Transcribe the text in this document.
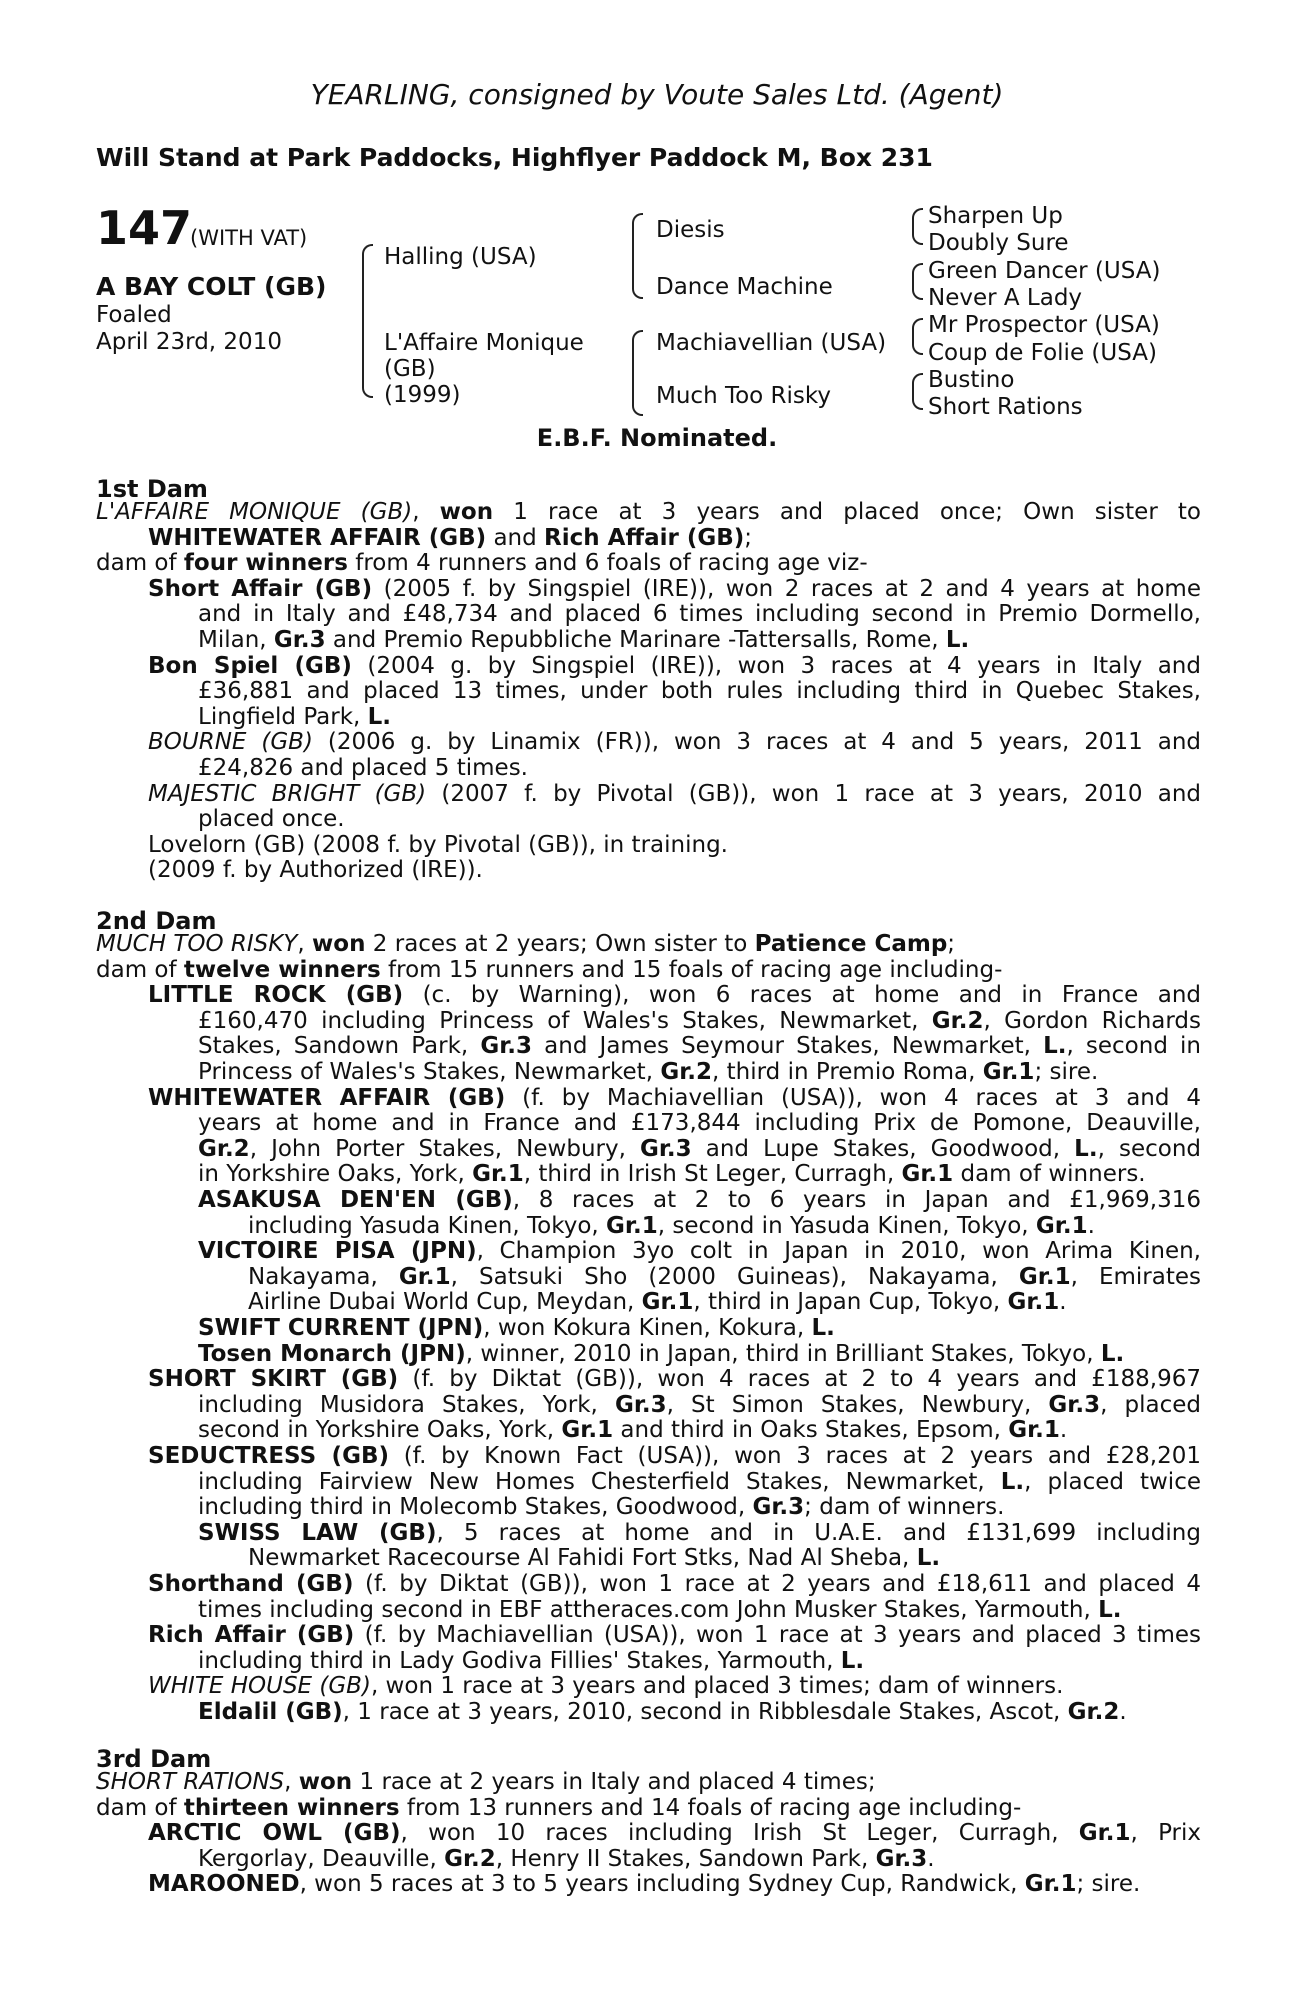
YEARLING, consigned by Voute Sales Ltd. (Agent)
Will Stand at Park Paddocks, Highflyer Paddock M, Box 231
147
(WITH VAT)
A BAY COLT (GB)
Foaled
April 23rd, 2010
Halling (USA)
L'Affaire Monique
(GB)
(1999)
Diesis
Dance Machine
Machiavellian (USA)
Much Too Risky
Sharpen Up
Doubly Sure
Green Dancer (USA)
Never A Lady
Mr Prospector (USA)
Coup de Folie (USA)
Bustino
Short Rations
E.B.F. Nominated.
1st Dam
2nd Dam
3rd Dam
L'AFFAIRE MONIQUE (GB), won 1 race at 3 years and placed once; Own sister to
WHITEWATER AFFAIR (GB) and Rich Affair (GB);
dam of four winners from 4 runners and 6 foals of racing age viz-
Short Affair (GB) (2005 f. by Singspiel (IRE)), won 2 races at 2 and 4 years at home
and in Italy and £48,734 and placed 6 times including second in Premio Dormello,
Milan, Gr.3 and Premio Repubbliche Marinare -Tattersalls, Rome, L.
Bon Spiel (GB) (2004 g. by Singspiel (IRE)), won 3 races at 4 years in Italy and
£36,881 and placed 13 times, under both rules including third in Quebec Stakes,
Lingfield Park, L.
BOURNE (GB) (2006 g. by Linamix (FR)), won 3 races at 4 and 5 years, 2011 and
£24,826 and placed 5 times.
MAJESTIC BRIGHT (GB) (2007 f. by Pivotal (GB)), won 1 race at 3 years, 2010 and
placed once.
Lovelorn (GB) (2008 f. by Pivotal (GB)), in training.
(2009 f. by Authorized (IRE)).
MUCH TOO RISKY, won 2 races at 2 years; Own sister to Patience Camp;
dam of twelve winners from 15 runners and 15 foals of racing age including-
LITTLE ROCK (GB) (c. by Warning), won 6 races at home and in France and
£160,470 including Princess of Wales's Stakes, Newmarket, Gr.2, Gordon Richards
Stakes, Sandown Park, Gr.3 and James Seymour Stakes, Newmarket, L., second in
Princess of Wales's Stakes, Newmarket, Gr.2, third in Premio Roma, Gr.1; sire.
WHITEWATER AFFAIR (GB) (f. by Machiavellian (USA)), won 4 races at 3 and 4
years at home and in France and £173,844 including Prix de Pomone, Deauville,
Gr.2, John Porter Stakes, Newbury, Gr.3 and Lupe Stakes, Goodwood, L., second
in Yorkshire Oaks, York, Gr.1, third in Irish St Leger, Curragh, Gr.1 dam of winners.
ASAKUSA DEN'EN (GB), 8 races at 2 to 6 years in Japan and £1,969,316
including Yasuda Kinen, Tokyo, Gr.1, second in Yasuda Kinen, Tokyo, Gr.1.
VICTOIRE PISA (JPN), Champion 3yo colt in Japan in 2010, won Arima Kinen,
Nakayama, Gr.1, Satsuki Sho (2000 Guineas), Nakayama, Gr.1, Emirates
Airline Dubai World Cup, Meydan, Gr.1, third in Japan Cup, Tokyo, Gr.1.
SWIFT CURRENT (JPN), won Kokura Kinen, Kokura, L.
Tosen Monarch (JPN), winner, 2010 in Japan, third in Brilliant Stakes, Tokyo, L.
SHORT SKIRT (GB) (f. by Diktat (GB)), won 4 races at 2 to 4 years and £188,967
including Musidora Stakes, York, Gr.3, St Simon Stakes, Newbury, Gr.3, placed
second in Yorkshire Oaks, York, Gr.1 and third in Oaks Stakes, Epsom, Gr.1.
SEDUCTRESS (GB) (f. by Known Fact (USA)), won 3 races at 2 years and £28,201
including Fairview New Homes Chesterfield Stakes, Newmarket, L., placed twice
including third in Molecomb Stakes, Goodwood, Gr.3; dam of winners.
SWISS LAW (GB), 5 races at home and in U.A.E. and £131,699 including
Newmarket Racecourse Al Fahidi Fort Stks, Nad Al Sheba, L.
Shorthand (GB) (f. by Diktat (GB)), won 1 race at 2 years and £18,611 and placed 4
times including second in EBF attheraces.com John Musker Stakes, Yarmouth, L.
Rich Affair (GB) (f. by Machiavellian (USA)), won 1 race at 3 years and placed 3 times
including third in Lady Godiva Fillies' Stakes, Yarmouth, L.
WHITE HOUSE (GB), won 1 race at 3 years and placed 3 times; dam of winners.
Eldalil (GB), 1 race at 3 years, 2010, second in Ribblesdale Stakes, Ascot, Gr.2.
SHORT RATIONS, won 1 race at 2 years in Italy and placed 4 times;
dam of thirteen winners from 13 runners and 14 foals of racing age including-
ARCTIC OWL (GB), won 10 races including Irish St Leger, Curragh, Gr.1, Prix
Kergorlay, Deauville, Gr.2, Henry II Stakes, Sandown Park, Gr.3.
MAROONED, won 5 races at 3 to 5 years including Sydney Cup, Randwick, Gr.1; sire.
